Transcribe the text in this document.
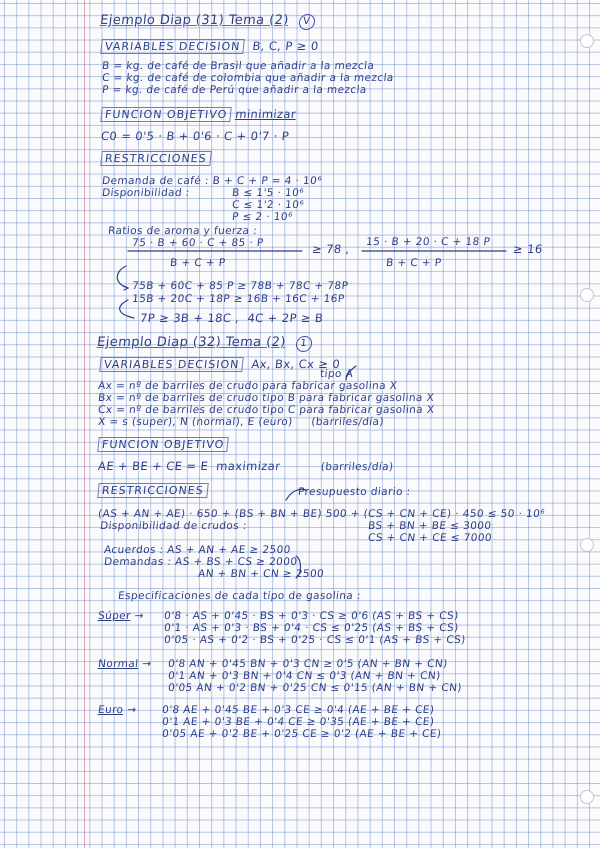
Ejemplo Diap (31) Tema (2) V
VARIABLES DECISION B, C, P ≥ 0
B = kg. de café de Brasil que añadir a la mezcla
C = kg. de café de colombia que añadir a la mezcla
P = kg. de café de Perú que añadir a la mezcla
FUNCION OBJETIVO minimizar
C0 = 0'5 · B + 0'6 · C + 0'7 · P
RESTRICCIONES
Demanda de café : B + C + P = 4 · 10⁶
Disponibilidad :	B ≤ 1'5 · 10⁶
C ≤ 1'2 · 10⁶
P ≤ 2 · 10⁶
Ratios de aroma y fuerza :
75 · B + 60 · C + 85 · P	≥ 78 ,
B + C + P
15 · B + 20 · C + 18 P ≥ 16
B + C + P
75B + 60C + 85 P ≥ 78B + 78C + 78P
15B + 20C + 18P ≥ 16B + 16C + 16P
7P ≥ 3B + 18C ,  4C + 2P ≥ B
Ejemplo Diap (32) Tema (2) 1
VARIABLES DECISION Ax, Bx, Cx ≥ 0
tipo A
Ax = nº de barriles de crudo para fabricar gasolina X
Bx = nº de barriles de crudo tipo B para fabricar gasolina X
Cx = nº de barriles de crudo tipo C para fabricar gasolina X
X = s (super), N (normal), E (euro)     (barriles/día)
FUNCION OBJETIVO
AE + BE + CE = E  maximizar	(barriles/día)
RESTRICCIONES	Presupuesto diario :
(AS + AN + AE) · 650 + (BS + BN + BE) 500 + (CS + CN + CE) · 450 ≤ 50 · 10⁶
Disponibilidad de crudos :	BS + BN + BE ≤ 3000
CS + CN + CE ≤ 7000
Acuerdos : AS + AN + AE ≥ 2500
Demandas : AS + BS + CS ≥ 2000
AN + BN + CN ≥ 2500
Especificaciones de cada tipo de gasolina :
Súper → 0'8 · AS + 0'45 · BS + 0'3 · CS ≥ 0'6 (AS + BS + CS)
0'1 · AS + 0'3 · BS + 0'4 · CS ≤ 0'25 (AS + BS + CS)
0'05 · AS + 0'2 · BS + 0'25 · CS ≤ 0'1 (AS + BS + CS)
Normal → 0'8 AN + 0'45 BN + 0'3 CN ≥ 0'5 (AN + BN + CN)
0'1 AN + 0'3 BN + 0'4 CN ≤ 0'3 (AN + BN + CN)
0'05 AN + 0'2 BN + 0'25 CN ≤ 0'15 (AN + BN + CN)
Euro → 0'8 AE + 0'45 BE + 0'3 CE ≥ 0'4 (AE + BE + CE)
0'1 AE + 0'3 BE + 0'4 CE ≥ 0'35 (AE + BE + CE)
0'05 AE + 0'2 BE + 0'25 CE ≥ 0'2 (AE + BE + CE)
